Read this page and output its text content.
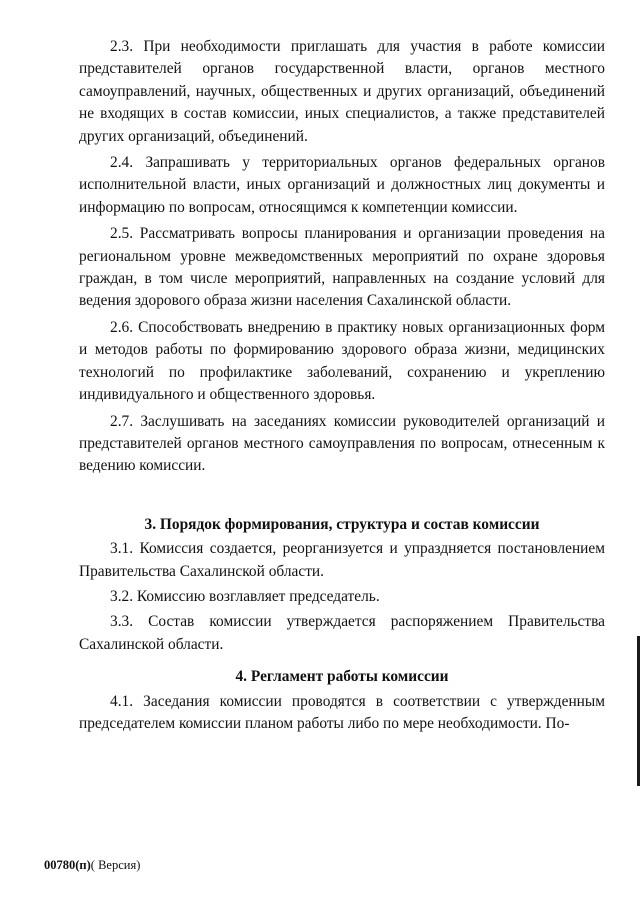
2.3. При необходимости приглашать для участия в работе комиссии представителей органов государственной власти, органов местного самоуправлений, научных, общественных и других организаций, объединений не входящих в состав комиссии, иных специалистов, а также представителей других организаций, объединений.

2.4. Запрашивать у территориальных органов федеральных органов исполнительной власти, иных организаций и должностных лиц документы и информацию по вопросам, относящимся к компетенции комиссии.

2.5. Рассматривать вопросы планирования и организации проведения на региональном уровне межведомственных мероприятий по охране здоровья граждан, в том числе мероприятий, направленных на создание условий для ведения здорового образа жизни населения Сахалинской области.

2.6. Способствовать внедрению в практику новых организационных форм и методов работы по формированию здорового образа жизни, медицинских технологий по профилактике заболеваний, сохранению и укреплению индивидуального и общественного здоровья.

2.7. Заслушивать на заседаниях комиссии руководителей организаций и представителей органов местного самоуправления по вопросам, отнесенным к ведению комиссии.

3. Порядок формирования, структура и состав комиссии

3.1. Комиссия создается, реорганизуется и упраздняется постановлением Правительства Сахалинской области.

3.2. Комиссию возглавляет председатель.

3.3. Состав комиссии утверждается распоряжением Правительства Сахалинской области.

4. Регламент работы комиссии

4.1. Заседания комиссии проводятся в соответствии с утвержденным председателем комиссии планом работы либо по мере необходимости. По-

00780(п)( Версия)
